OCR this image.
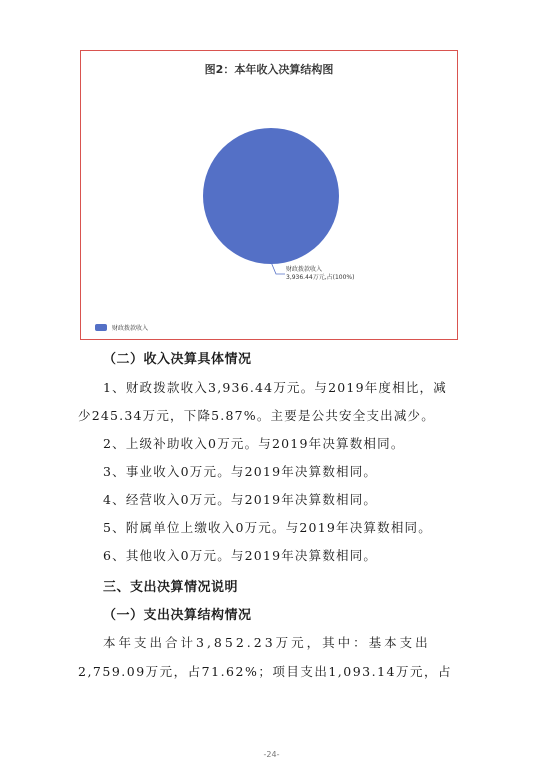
图2：本年收入决算结构图
财政拨款收入
3,936.44万元,占(100%)
财政拨款收入
（二）收入决算具体情况
1、财政拨款收入3,936.44万元。与2019年度相比，减
少245.34万元，下降5.87%。主要是公共安全支出减少。
2、上级补助收入0万元。与2019年决算数相同。
3、事业收入0万元。与2019年决算数相同。
4、经营收入0万元。与2019年决算数相同。
5、附属单位上缴收入0万元。与2019年决算数相同。
6、其他收入0万元。与2019年决算数相同。
三、支出决算情况说明
（一）支出决算结构情况
本年支出合计3,852.23万元，其中：基本支出
2,759.09万元，占71.62%；项目支出1,093.14万元，占
-24-
